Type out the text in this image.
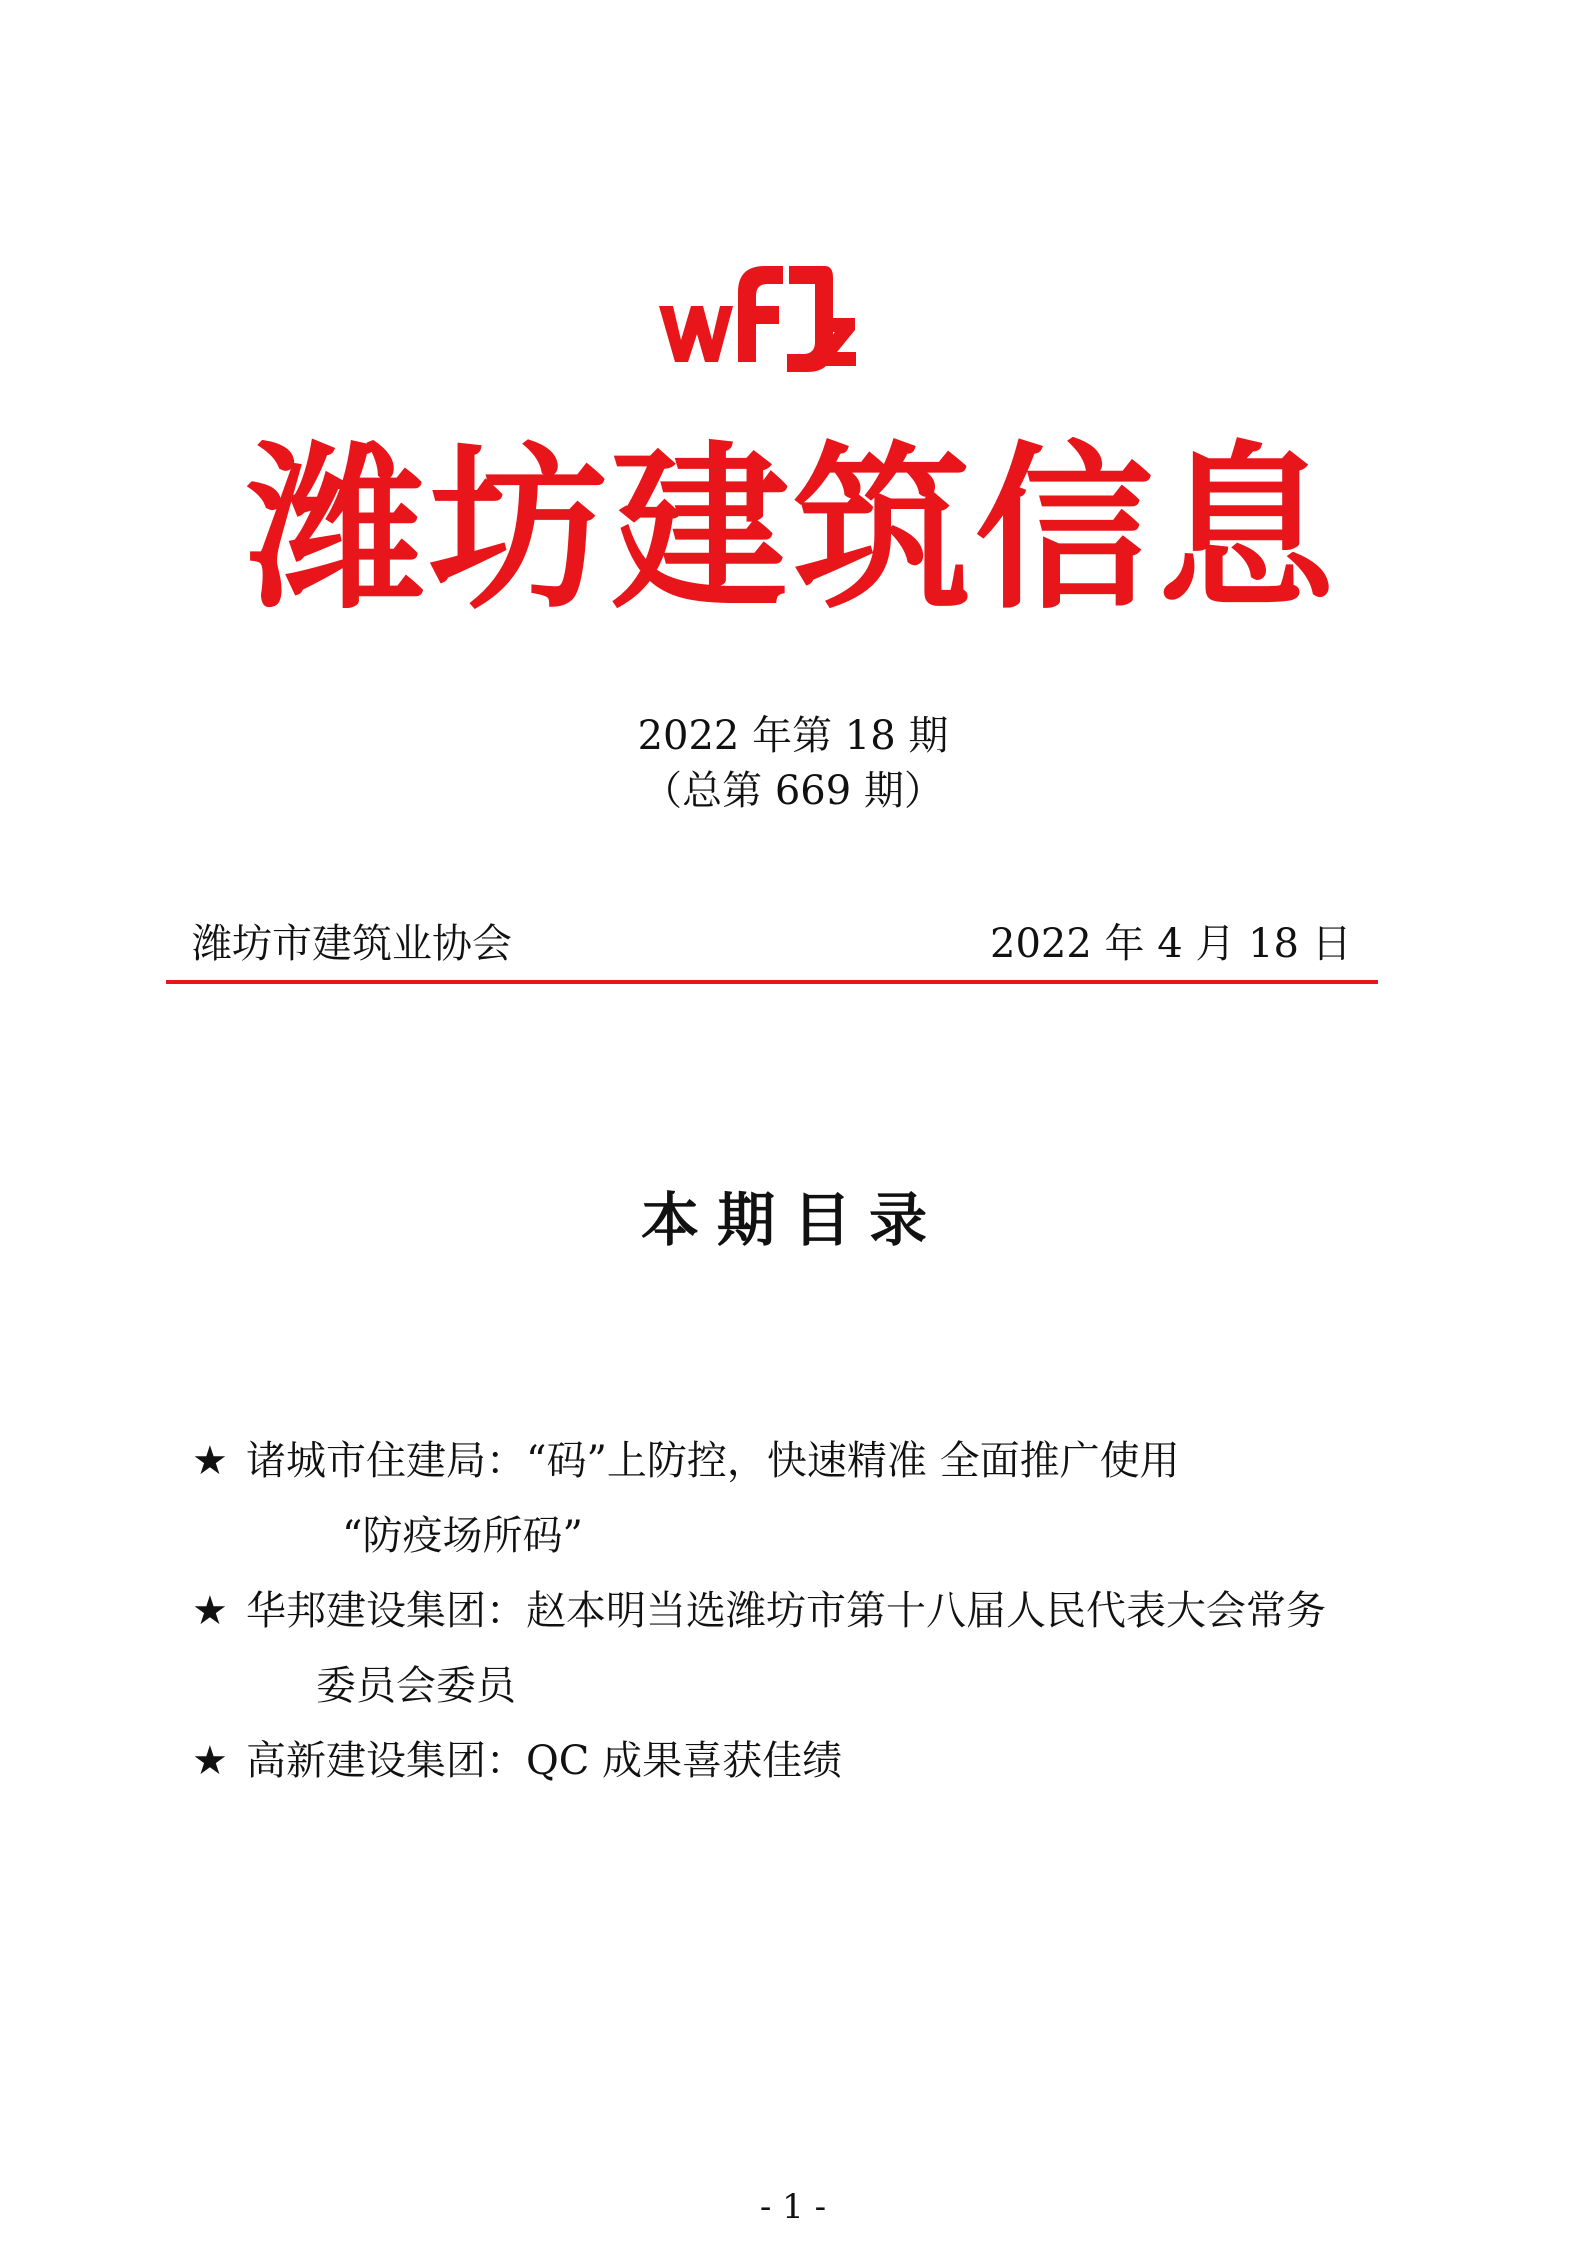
潍坊建筑信息
2022 年第 18 期
（总第 669 期）
潍坊市建筑业协会	2022 年 4 月 18 日
本期目录
★ 诸城市住建局：“码”上防控，快速精准 全面推广使用
“防疫场所码”
★ 华邦建设集团：赵本明当选潍坊市第十八届人民代表大会常务
委员会委员
★ 高新建设集团：QC 成果喜获佳绩
- 1 -
